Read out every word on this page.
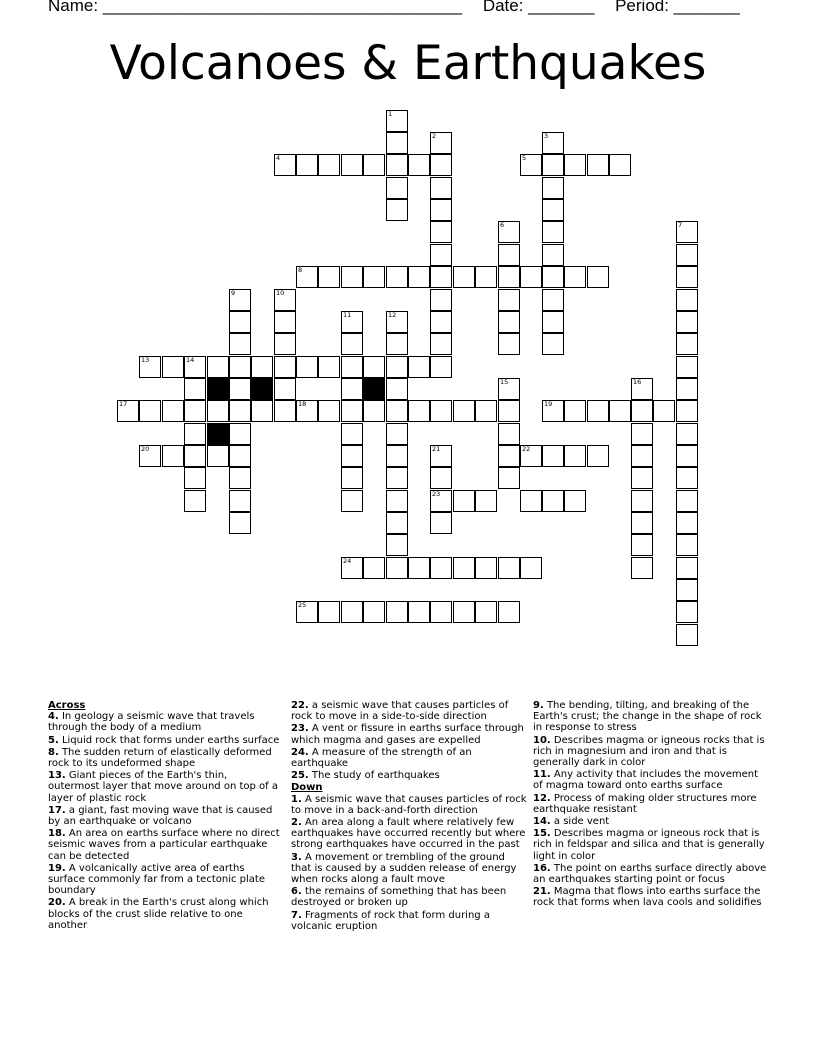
Name: ______________________________________ Date: _______ Period: _______
Volcanoes & Earthquakes
1
2	3
4	5
6	7
8
9	10
11	12
13	14
15	16
17	18	19
20	21	22
23
24
25
Across
4. In geology a seismic wave that travels through the body of a medium
5. Liquid rock that forms under earths surface
8. The sudden return of elastically deformed rock to its undeformed shape
13. Giant pieces of the Earth's thin, outermost layer that move around on top of a layer of plastic rock
17. a giant, fast moving wave that is caused by an earthquake or volcano
18. An area on earths surface where no direct seismic waves from a particular earthquake can be detected
19. A volcanically active area of earths surface commonly far from a tectonic plate boundary
20. A break in the Earth's crust along which blocks of the crust slide relative to one another
22. a seismic wave that causes particles of rock to move in a side-to-side direction
23. A vent or fissure in earths surface through which magma and gases are expelled
24. A measure of the strength of an earthquake
25. The study of earthquakes
Down
1. A seismic wave that causes particles of rock to move in a back-and-forth direction
2. An area along a fault where relatively few earthquakes have occurred recently but where strong earthquakes have occurred in the past
3. A movement or trembling of the ground that is caused by a sudden release of energy when rocks along a fault move
6. the remains of something that has been destroyed or broken up
7. Fragments of rock that form during a volcanic eruption
9. The bending, tilting, and breaking of the Earth's crust; the change in the shape of rock in response to stress
10. Describes magma or igneous rocks that is rich in magnesium and iron and that is generally dark in color
11. Any activity that includes the movement of magma toward onto earths surface
12. Process of making older structures more earthquake resistant
14. a side vent
15. Describes magma or igneous rock that is rich in feldspar and silica and that is generally light in color
16. The point on earths surface directly above an earthquakes starting point or focus
21. Magma that flows into earths surface the rock that forms when lava cools and solidifies
